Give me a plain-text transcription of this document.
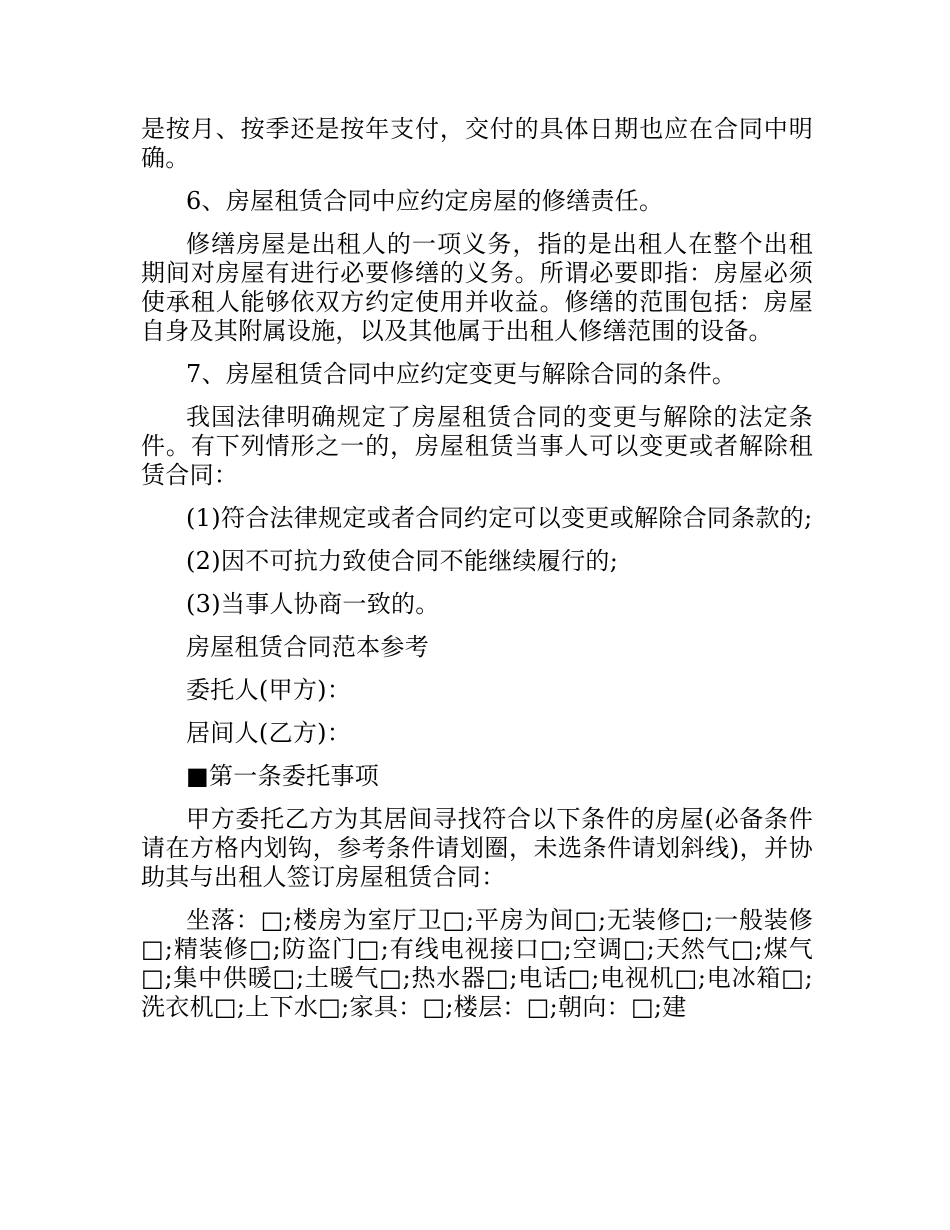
是按月、按季还是按年支付，交付的具体日期也应在合同中明确。

6、房屋租赁合同中应约定房屋的修缮责任。

修缮房屋是出租人的一项义务，指的是出租人在整个出租期间对房屋有进行必要修缮的义务。所谓必要即指：房屋必须使承租人能够依双方约定使用并收益。修缮的范围包括：房屋自身及其附属设施，以及其他属于出租人修缮范围的设备。

7、房屋租赁合同中应约定变更与解除合同的条件。

我国法律明确规定了房屋租赁合同的变更与解除的法定条件。有下列情形之一的，房屋租赁当事人可以变更或者解除租赁合同：

(1)符合法律规定或者合同约定可以变更或解除合同条款的;

(2)因不可抗力致使合同不能继续履行的;

(3)当事人协商一致的。

房屋租赁合同范本参考

委托人(甲方)：

居间人(乙方)：

■第一条委托事项

甲方委托乙方为其居间寻找符合以下条件的房屋(必备条件请在方格内划钩，参考条件请划圈，未选条件请划斜线)，并协助其与出租人签订房屋租赁合同：

坐落：□;楼房为室厅卫□;平房为间□;无装修□;一般装修□;精装修□;防盗门□;有线电视接口□;空调□;天然气□;煤气□;集中供暖□;土暖气□;热水器□;电话□;电视机□;电冰箱□;洗衣机□;上下水□;家具：□;楼层：□;朝向：□;建
